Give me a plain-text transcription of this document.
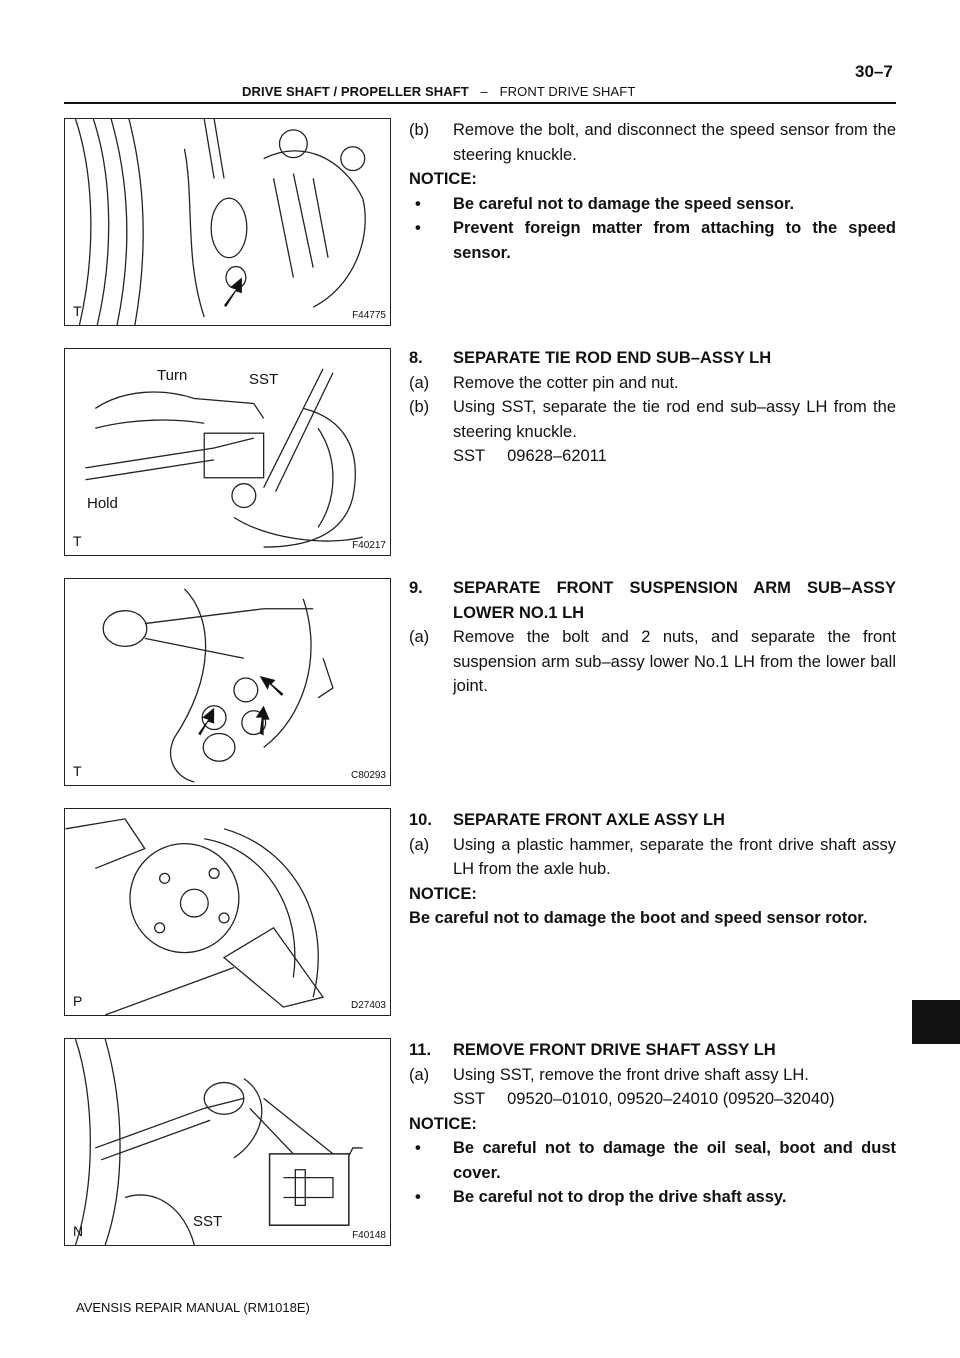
30–7
DRIVE SHAFT / PROPELLER SHAFT – FRONT DRIVE SHAFT
T	F44775
Turn	SST
Hold
T	F40217
T	C80293
P	D27403
SST
N	F40148
(b)	Remove the bolt, and disconnect the speed sensor from the steering knuckle.
NOTICE:
•	Be careful not to damage the speed sensor.
•	Prevent foreign matter from attaching to the speed sensor.
8.	SEPARATE TIE ROD END SUB–ASSY LH
(a)	Remove the cotter pin and nut.
(b)	Using SST, separate the tie rod end sub–assy LH from the steering knuckle.
SST 09628–62011
9.	SEPARATE FRONT SUSPENSION ARM SUB–ASSY LOWER NO.1 LH
(a)	Remove the bolt and 2 nuts, and separate the front suspension arm sub–assy lower No.1 LH from the lower ball joint.
10.	SEPARATE FRONT AXLE ASSY LH
(a)	Using a plastic hammer, separate the front drive shaft assy LH from the axle hub.
NOTICE:
Be careful not to damage the boot and speed sensor rotor.
11.	REMOVE FRONT DRIVE SHAFT ASSY LH
(a)	Using SST, remove the front drive shaft assy LH.
SST 09520–01010, 09520–24010 (09520–32040)
NOTICE:
•	Be careful not to damage the oil seal, boot and dust cover.
•	Be careful not to drop the drive shaft assy.
AVENSIS REPAIR MANUAL (RM1018E)
